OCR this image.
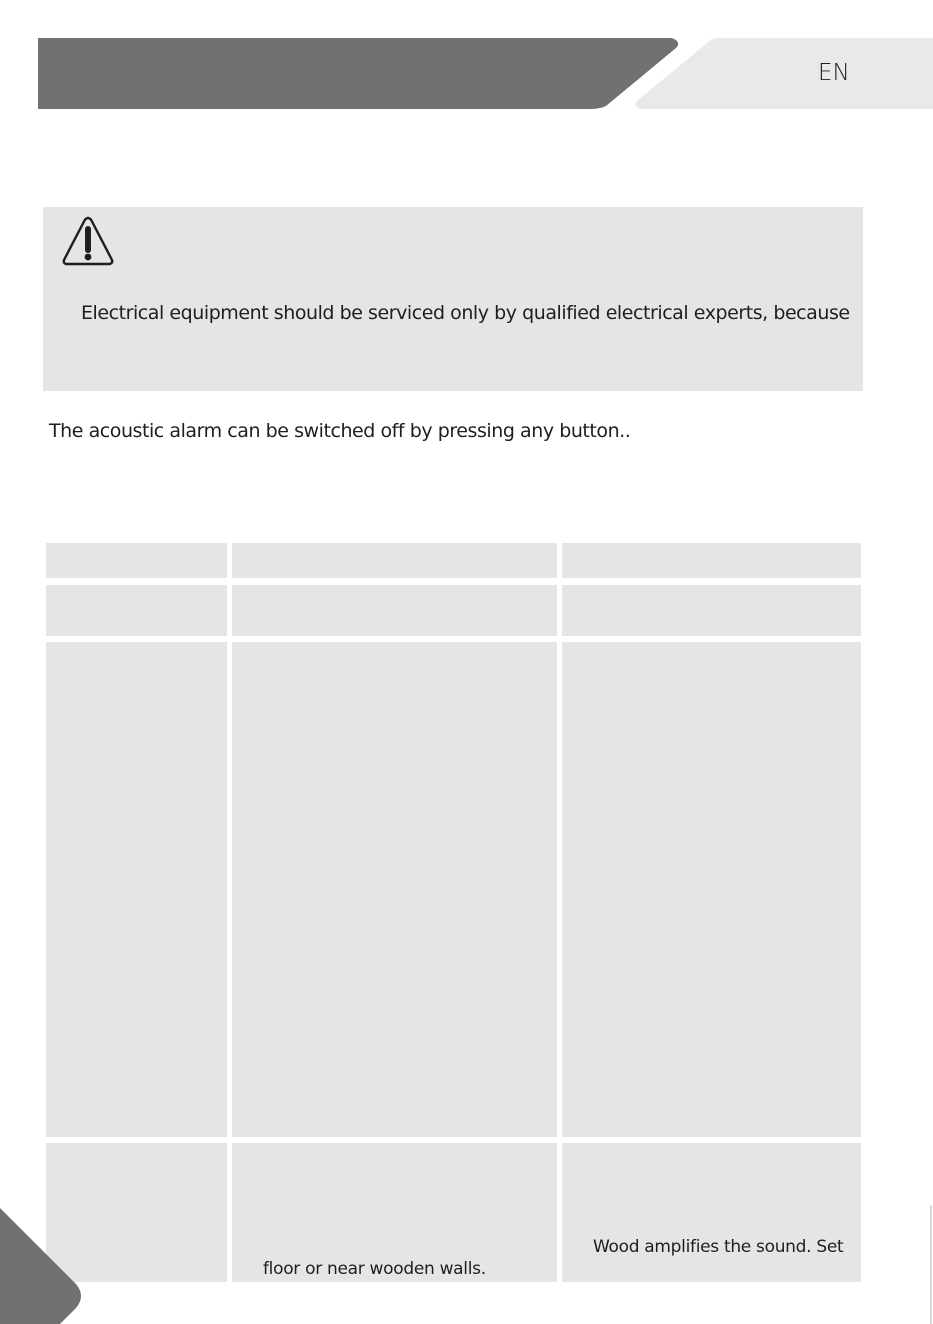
EN
Electrical equipment should be serviced only by qualified electrical experts, because
The acoustic alarm can be switched off by pressing any button..
floor or near wooden walls.
Wood amplifies the sound. Set
